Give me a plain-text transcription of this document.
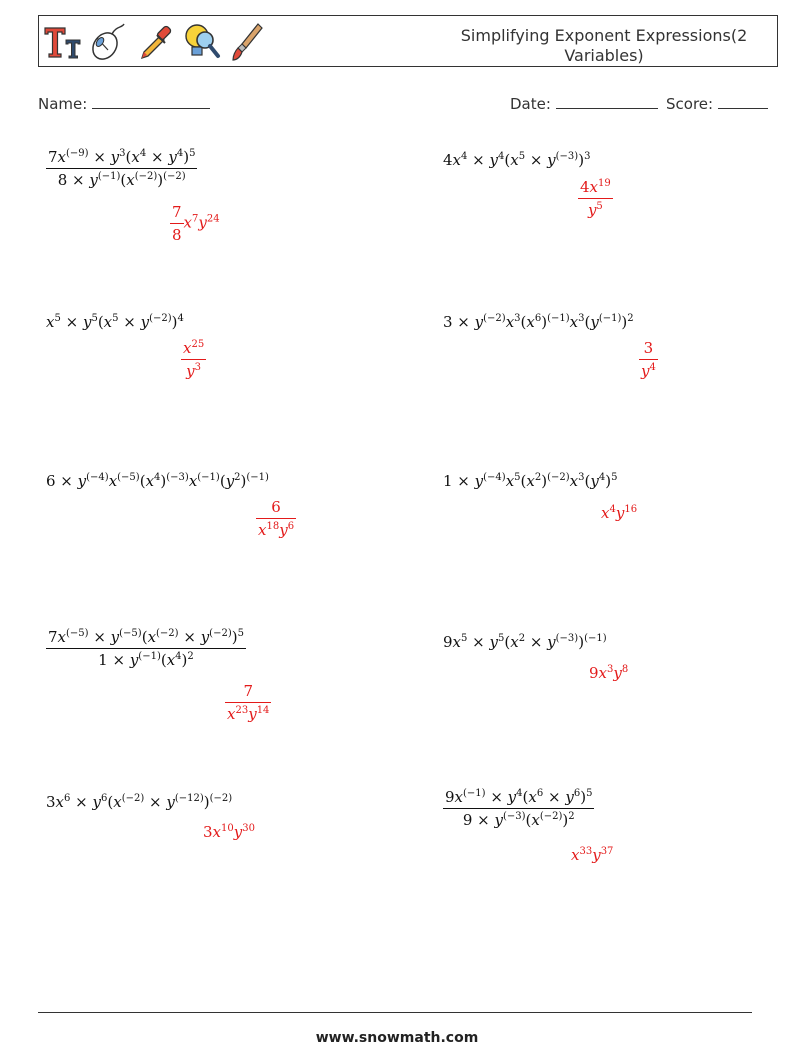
Simplifying Exponent Expressions(2 Variables)
Name:	Date:	Score:
$\frac{7x^{(-9)} \times y^3(x^4 \times y^4)^5}{8 \times y^{(-1)}(x^{(-2)})^{(-2)}}$
$\frac{7}{8} x^7y^{24}$
$4x^4 \times y^4(x^5 \times y^{(-3)})^3$
$\frac{4x^{19}}{y^5}$
$x^5 \times y^5(x^5 \times y^{(-2)})^4$
$\frac{x^{25}}{y^3}$
$3 \times y^{(-2)}x^3(x^6)^{(-1)}x^3(y^{(-1)})^2$
$\frac{3}{y^4}$
$6 \times y^{(-4)}x^{(-5)}(x^4)^{(-3)}x^{(-1)}(y^2)^{(-1)}$
$\frac{6}{x^{18}y^6}$
$1 \times y^{(-4)}x^5(x^2)^{(-2)}x^3(y^4)^5$
$x^4y^{16}$
$\frac{7x^{(-5)} \times y^{(-5)}(x^{(-2)} \times y^{(-2)})^5}{1 \times y^{(-1)}(x^4)^2}$
$\frac{7}{x^{23}y^{14}}$
$9x^5 \times y^5(x^2 \times y^{(-3)})^{(-1)}$
$9x^3y^8$
$3x^6 \times y^6(x^{(-2)} \times y^{(-12)})^{(-2)}$
$3x^{10}y^{30}$	$\frac{9x^{(-1)} \times y^4(x^6 \times y^6)^5}{9 \times y^{(-3)}(x^{(-2)})^2}$
$x^{33}y^{37}$
www.snowmath.com
